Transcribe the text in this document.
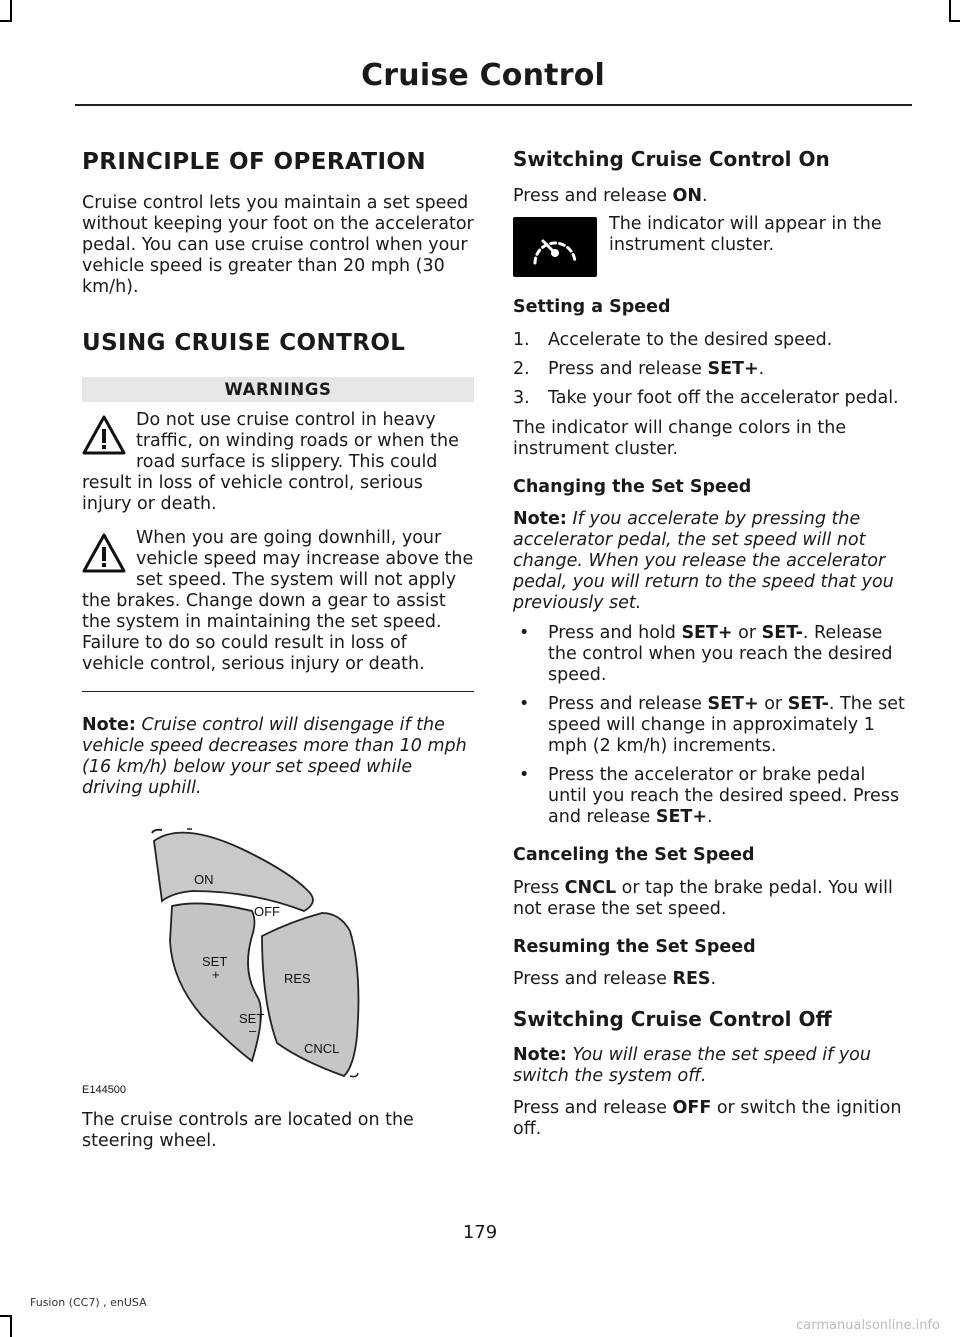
Cruise Control
PRINCIPLE OF OPERATION

Cruise control lets you maintain a set speed without keeping your foot on the accelerator pedal. You can use cruise control when your vehicle speed is greater than 20 mph (30 km/h).

USING CRUISE CONTROL
WARNINGS
Do not use cruise control in heavy traffic, on winding roads or when the road surface is slippery. This could result in loss of vehicle control, serious injury or death.
When you are going downhill, your vehicle speed may increase above the set speed. The system will not apply the brakes. Change down a gear to assist the system in maintaining the set speed. Failure to do so could result in loss of vehicle control, serious injury or death.

Note: Cruise control will disengage if the vehicle speed decreases more than 10 mph (16 km/h) below your set speed while driving uphill.

ON
OFF
SET
+	RES
SET
–
CNCL
E144500

The cruise controls are located on the steering wheel.

Switching Cruise Control On

Press and release ON.

The indicator will appear in the instrument cluster.

Setting a Speed
1. Accelerate to the desired speed.
2. Press and release SET+.
3. Take your foot off the accelerator pedal.

The indicator will change colors in the instrument cluster.

Changing the Set Speed

Note: If you accelerate by pressing the accelerator pedal, the set speed will not change. When you release the accelerator pedal, you will return to the speed that you previously set.

• Press and hold SET+ or SET-. Release the control when you reach the desired speed.
• Press and release SET+ or SET-. The set speed will change in approximately 1 mph (2 km/h) increments.
• Press the accelerator or brake pedal until you reach the desired speed. Press and release SET+.
Canceling the Set Speed

Press CNCL or tap the brake pedal. You will not erase the set speed.

Resuming the Set Speed

Press and release RES.

Switching Cruise Control Off

Note: You will erase the set speed if you switch the system off.

Press and release OFF or switch the ignition off.

179
Fusion (CC7) , enUSA
carmanualsonline.info
